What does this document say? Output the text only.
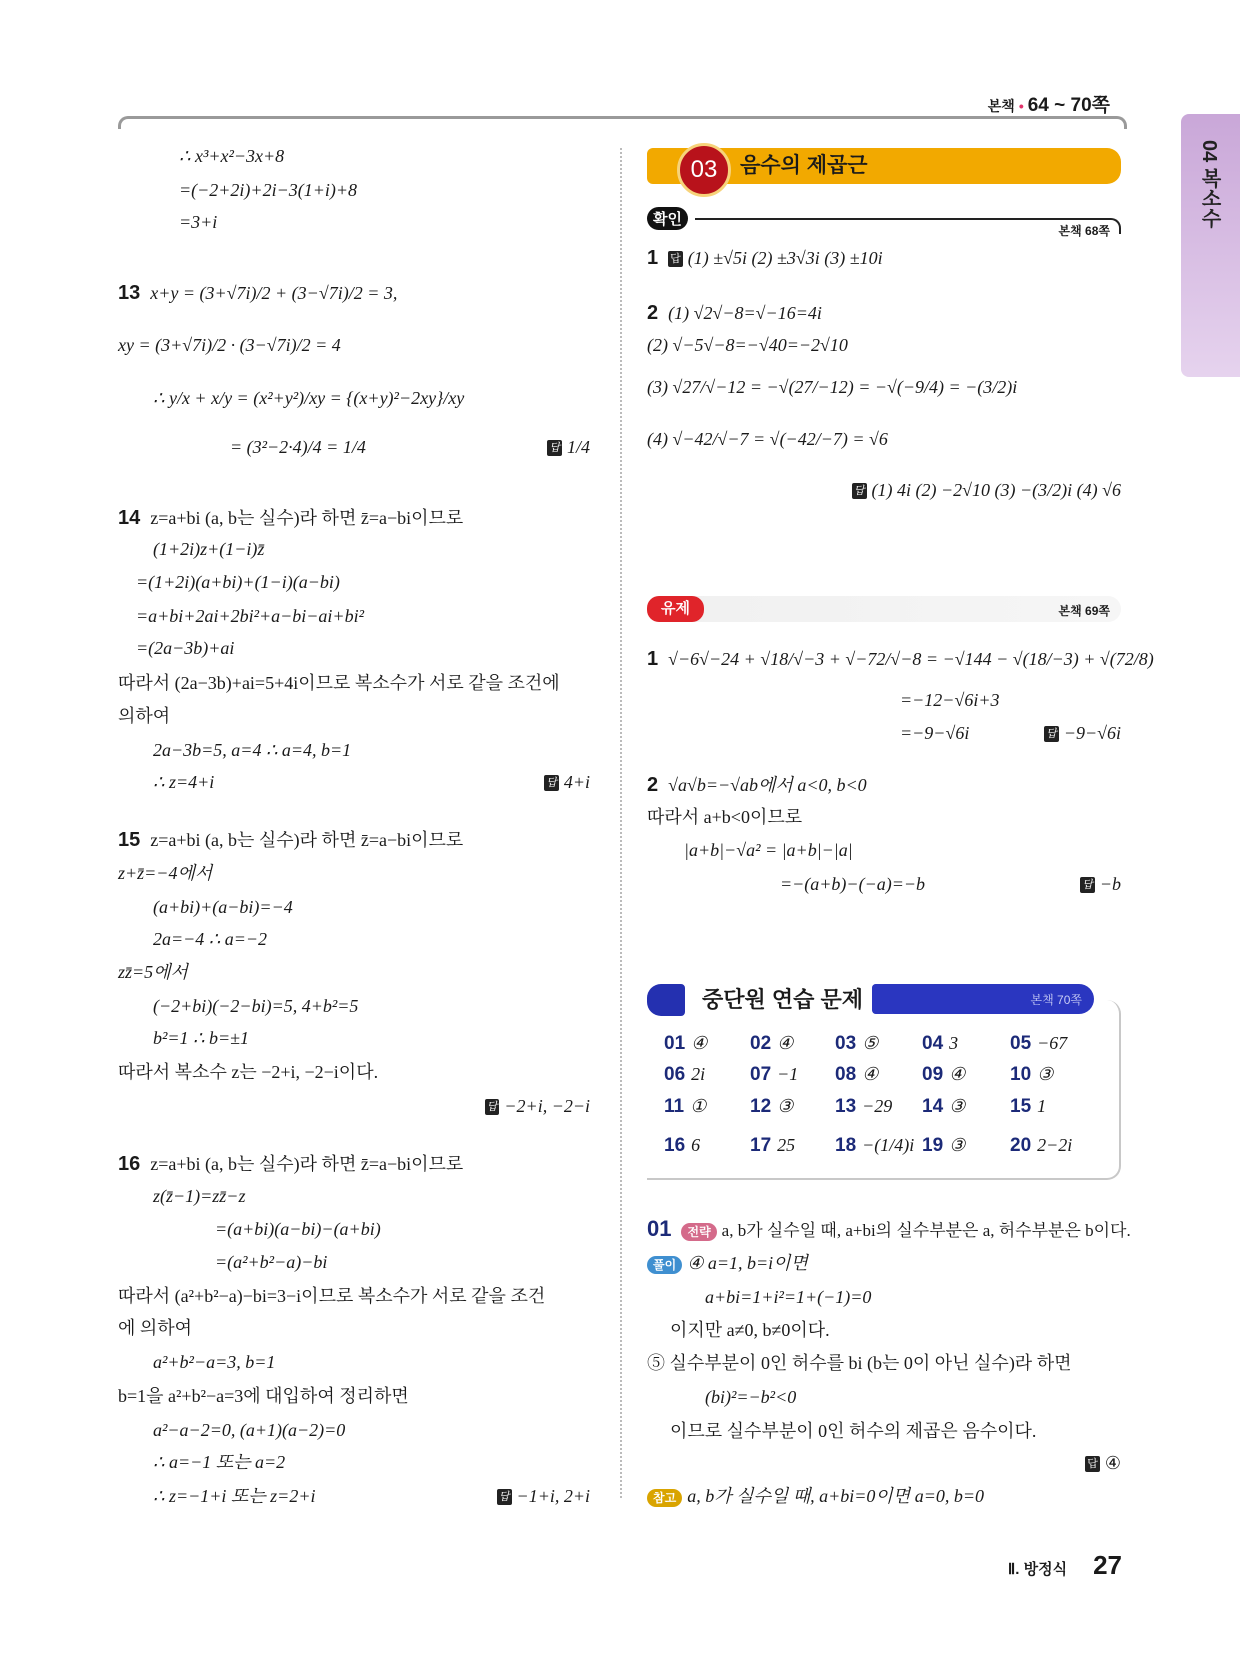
본책 • 64 ~ 70쪽
04 복소수
∴ x³+x²−3x+8
=(−2+2i)+2i−3(1+i)+8
=3+i
13 x+y = (3+√7i)/2 + (3−√7i)/2 = 3,
xy = (3+√7i)/2 · (3−√7i)/2 = 4
∴ y/x + x/y = (x²+y²)/xy = {(x+y)²−2xy}/xy
= (3²−2·4)/4 = 1/4	답 1/4
14 z=a+bi (a, b는 실수)라 하면 z̄=a−bi이므로
(1+2i)z+(1−i)z̄
=(1+2i)(a+bi)+(1−i)(a−bi)
=a+bi+2ai+2bi²+a−bi−ai+bi²
=(2a−3b)+ai
따라서 (2a−3b)+ai=5+4i이므로 복소수가 서로 같을 조건에
의하여
2a−3b=5, a=4 ∴ a=4, b=1
∴ z=4+i	답 4+i
15 z=a+bi (a, b는 실수)라 하면 z̄=a−bi이므로
z+z̄=−4에서
(a+bi)+(a−bi)=−4
2a=−4 ∴ a=−2
zz̄=5에서
(−2+bi)(−2−bi)=5, 4+b²=5
b²=1 ∴ b=±1
따라서 복소수 z는 −2+i, −2−i이다.
답 −2+i, −2−i
16 z=a+bi (a, b는 실수)라 하면 z̄=a−bi이므로
z(z̄−1)=zz̄−z
=(a+bi)(a−bi)−(a+bi)
=(a²+b²−a)−bi
따라서 (a²+b²−a)−bi=3−i이므로 복소수가 서로 같을 조건
에 의하여
a²+b²−a=3, b=1
b=1을 a²+b²−a=3에 대입하여 정리하면
a²−a−2=0, (a+1)(a−2)=0
∴ a=−1 또는 a=2
∴ z=−1+i 또는 z=2+i	답 −1+i, 2+i
03	음수의 제곱근
확인
본책 68쪽
1 답 (1) ±√5i (2) ±3√3i (3) ±10i
2 (1) √2√−8=√−16=4i
(2) √−5√−8=−√40=−2√10
(3) √27/√−12 = −√(27/−12) = −√(−9/4) = −(3/2)i
(4) √−42/√−7 = √(−42/−7) = √6
답 (1) 4i (2) −2√10 (3) −(3/2)i (4) √6
유제	본책 69쪽
1 √−6√−24 + √18/√−3 + √−72/√−8 = −√144 − √(18/−3) + √(72/8)
=−12−√6i+3
=−9−√6i	답 −9−√6i
2 √a√b=−√ab에서 a<0, b<0
따라서 a+b<0이므로
|a+b|−√a² = |a+b|−|a|
=−(a+b)−(−a)=−b	답 −b
중단원 연습 문제	본책 70쪽
01 ④ 02 ④ 03 ⑤ 04 3	05 −67
06 2i 07 −1 08 ④ 09 ④ 10 ③
11 ① 12 ③ 13 −29 14 ③ 15 1
16 6	17 25 18 −(1/4)i 19 ③ 20 2−2i
01 전략 a, b가 실수일 때, a+bi의 실수부분은 a, 허수부분은 b이다.
풀이 ④ a=1, b=i이면
a+bi=1+i²=1+(−1)=0
이지만 a≠0, b≠0이다.
⑤ 실수부분이 0인 허수를 bi (b는 0이 아닌 실수)라 하면
(bi)²=−b²<0
이므로 실수부분이 0인 허수의 제곱은 음수이다.
답 ④
참고 a, b가 실수일 때, a+bi=0이면 a=0, b=0
Ⅱ. 방정식 27
